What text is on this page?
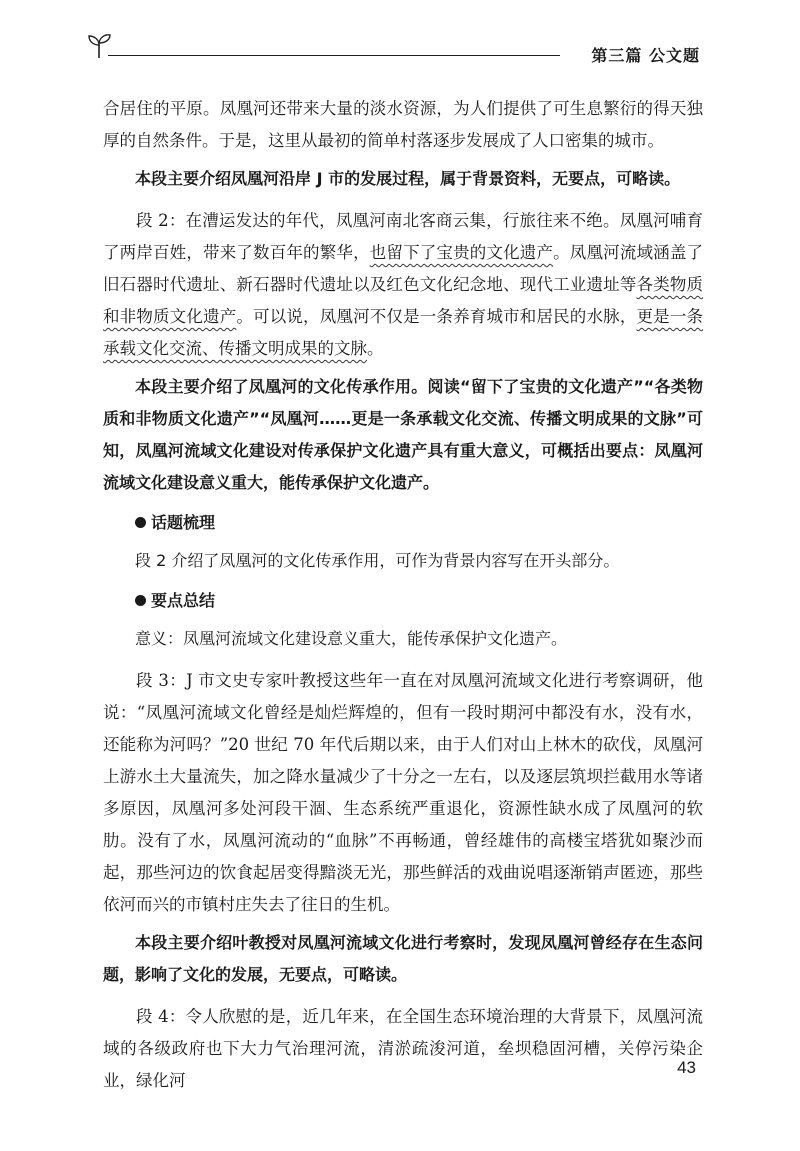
第三篇 公文题

合居住的平原。凤凰河还带来大量的淡水资源，为人们提供了可生息繁衍的得天独厚的自然条件。于是，这里从最初的简单村落逐步发展成了人口密集的城市。

本段主要介绍凤凰河沿岸 J 市的发展过程，属于背景资料，无要点，可略读。

段 2：在漕运发达的年代，凤凰河南北客商云集，行旅往来不绝。凤凰河哺育了两岸百姓，带来了数百年的繁华，也留下了宝贵的文化遗产。凤凰河流域涵盖了旧石器时代遗址、新石器时代遗址以及红色文化纪念地、现代工业遗址等各类物质和非物质文化遗产。可以说，凤凰河不仅是一条养育城市和居民的水脉，更是一条承载文化交流、传播文明成果的文脉。

本段主要介绍了凤凰河的文化传承作用。阅读“留下了宝贵的文化遗产”“各类物质和非物质文化遗产”“凤凰河……更是一条承载文化交流、传播文明成果的文脉”可知，凤凰河流域文化建设对传承保护文化遗产具有重大意义，可概括出要点：凤凰河流域文化建设意义重大，能传承保护文化遗产。

话题梳理

段 2 介绍了凤凰河的文化传承作用，可作为背景内容写在开头部分。

要点总结

意义：凤凰河流域文化建设意义重大，能传承保护文化遗产。

段 3：J 市文史专家叶教授这些年一直在对凤凰河流域文化进行考察调研，他说：“凤凰河流域文化曾经是灿烂辉煌的，但有一段时期河中都没有水，没有水，还能称为河吗？”20 世纪 70 年代后期以来，由于人们对山上林木的砍伐，凤凰河上游水土大量流失，加之降水量减少了十分之一左右，以及逐层筑坝拦截用水等诸多原因，凤凰河多处河段干涸、生态系统严重退化，资源性缺水成了凤凰河的软肋。没有了水，凤凰河流动的“血脉”不再畅通，曾经雄伟的高楼宝塔犹如聚沙而起，那些河边的饮食起居变得黯淡无光，那些鲜活的戏曲说唱逐渐销声匿迹，那些依河而兴的市镇村庄失去了往日的生机。

本段主要介绍叶教授对凤凰河流域文化进行考察时，发现凤凰河曾经存在生态问题，影响了文化的发展，无要点，可略读。

段 4：令人欣慰的是，近几年来，在全国生态环境治理的大背景下，凤凰河流域的各级政府也下大力气治理河流，清淤疏浚河道，垒坝稳固河槽，关停污染企业，绿化河

43
